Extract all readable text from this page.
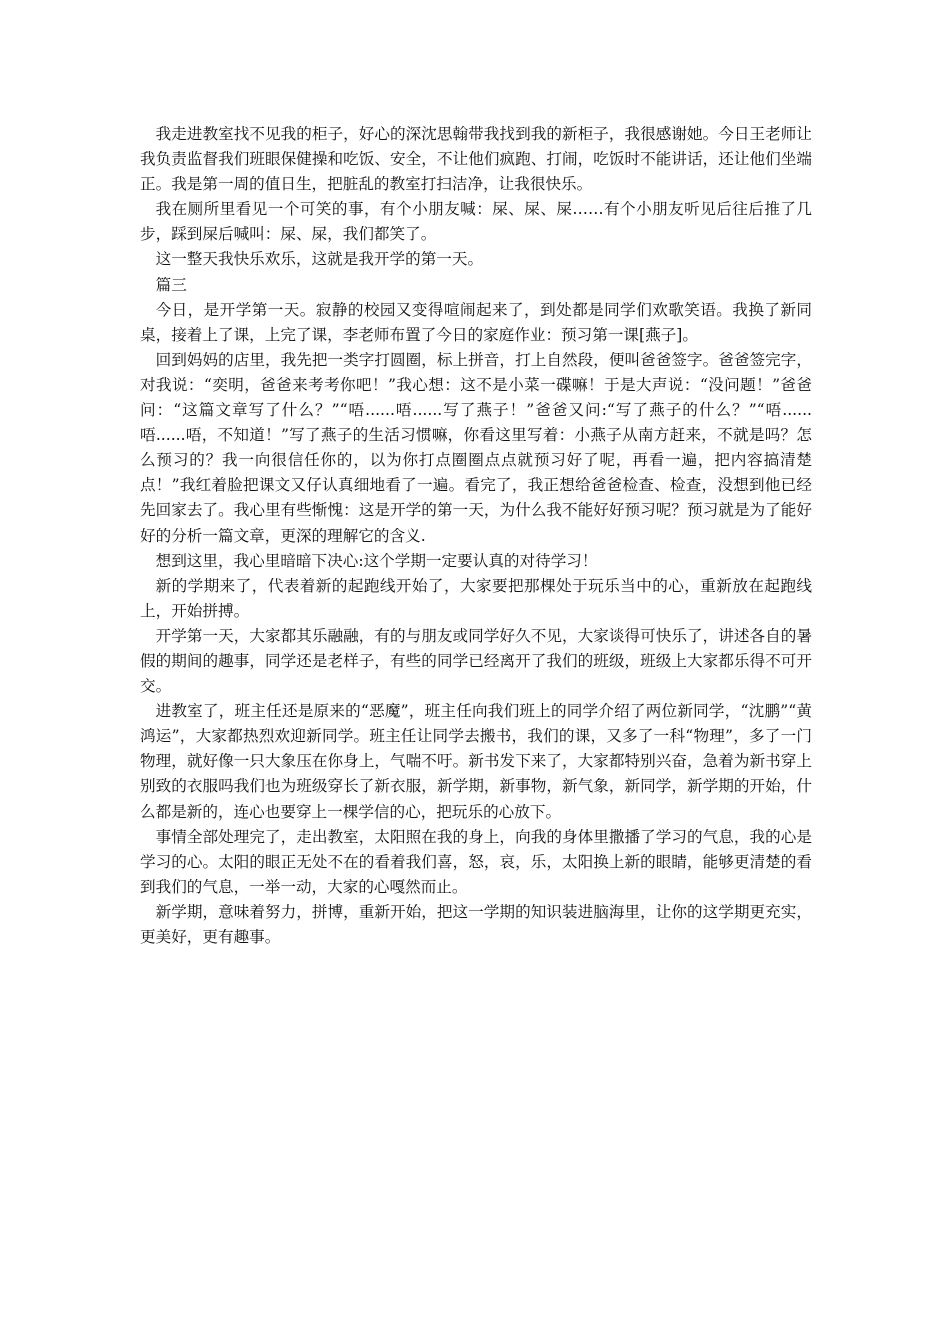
我走进教室找不见我的柜子，好心的深沈思翰带我找到我的新柜子，我很感谢她。今日王老师让我负责监督我们班眼保健操和吃饭、安全，不让他们疯跑、打闹，吃饭时不能讲话，还让他们坐端正。我是第一周的值日生，把脏乱的教室打扫洁净，让我很快乐。

我在厕所里看见一个可笑的事，有个小朋友喊：屎、屎、屎……有个小朋友听见后往后推了几步，踩到屎后喊叫：屎、屎，我们都笑了。

这一整天我快乐欢乐，这就是我开学的第一天。

篇三

今日，是开学第一天。寂静的校园又变得喧闹起来了，到处都是同学们欢歌笑语。我换了新同桌，接着上了课，上完了课，李老师布置了今日的家庭作业：预习第一课[燕子]。

回到妈妈的店里，我先把一类字打圆圈，标上拼音，打上自然段，便叫爸爸签字。爸爸签完字，对我说：“奕明，爸爸来考考你吧！”我心想：这不是小菜一碟嘛！于是大声说：“没问题！”爸爸问：“这篇文章写了什么？”“唔......唔......写了燕子！”爸爸又问:“写了燕子的什么？”“唔......唔......唔，不知道！”写了燕子的生活习惯嘛，你看这里写着：小燕子从南方赶来，不就是吗？怎么预习的？我一向很信任你的，以为你打点圈圈点点就预习好了呢，再看一遍，把内容搞清楚点！”我红着脸把课文又仔认真细地看了一遍。看完了，我正想给爸爸检查、检查，没想到他已经先回家去了。我心里有些惭愧：这是开学的第一天，为什么我不能好好预习呢？预习就是为了能好好的分析一篇文章，更深的理解它的含义.

想到这里，我心里暗暗下决心:这个学期一定要认真的对待学习！

新的学期来了，代表着新的起跑线开始了，大家要把那棵处于玩乐当中的心，重新放在起跑线上，开始拼搏。

开学第一天，大家都其乐融融，有的与朋友或同学好久不见，大家谈得可快乐了，讲述各自的暑假的期间的趣事，同学还是老样子，有些的同学已经离开了我们的班级，班级上大家都乐得不可开交。

进教室了，班主任还是原来的“恶魔”，班主任向我们班上的同学介绍了两位新同学，“沈鹏”“黄鸿运”，大家都热烈欢迎新同学。班主任让同学去搬书，我们的课，又多了一科“物理”，多了一门物理，就好像一只大象压在你身上，气喘不吁。新书发下来了，大家都特别兴奋，急着为新书穿上别致的衣服吗我们也为班级穿长了新衣服，新学期，新事物，新气象，新同学，新学期的开始，什么都是新的，连心也要穿上一棵学信的心，把玩乐的心放下。

事情全部处理完了，走出教室，太阳照在我的身上，向我的身体里撒播了学习的气息，我的心是学习的心。太阳的眼正无处不在的看着我们喜，怒，哀，乐，太阳换上新的眼睛，能够更清楚的看到我们的气息，一举一动，大家的心嘎然而止。

新学期，意味着努力，拼博，重新开始，把这一学期的知识装进脑海里，让你的这学期更充实，更美好，更有趣事。
